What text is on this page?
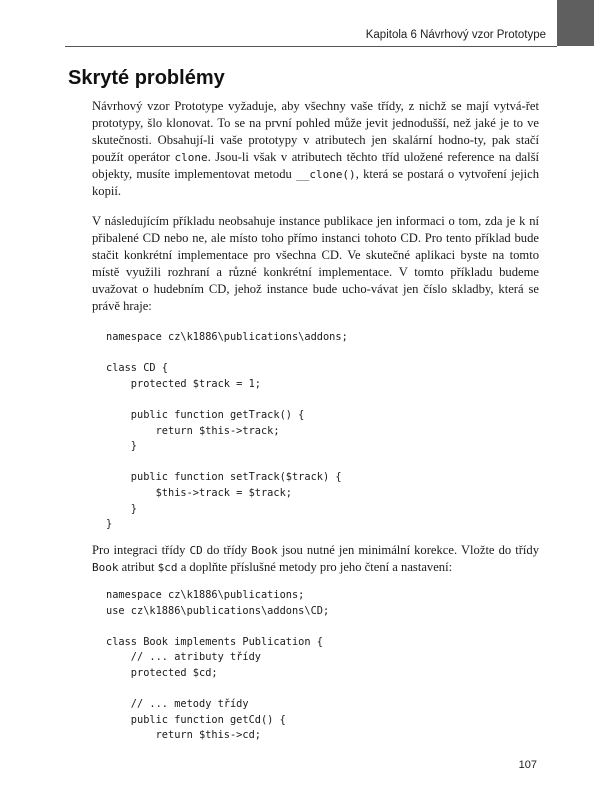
Kapitola 6 Návrhový vzor Prototype
Skryté problémy

Návrhový vzor Prototype vyžaduje, aby všechny vaše třídy, z nichž se mají vytvá-řet prototypy, šlo klonovat. To se na první pohled může jevit jednodušší, než jaké je to ve skutečnosti. Obsahují-li vaše prototypy v atributech jen skalární hodno-ty, pak stačí použít operátor clone. Jsou-li však v atributech těchto tříd uložené reference na další objekty, musíte implementovat metodu __clone(), která se postará o vytvoření jejich kopií.

V následujícím příkladu neobsahuje instance publikace jen informaci o tom, zda je k ní přibalené CD nebo ne, ale místo toho přímo instanci tohoto CD. Pro tento příklad bude stačit konkrétní implementace pro všechna CD. Ve skutečné aplikaci byste na tomto místě využili rozhraní a různé konkrétní implementace. V tomto příkladu budeme uvažovat o hudebním CD, jehož instance bude ucho-vávat jen číslo skladby, která se právě hraje:

namespace cz\k1886\publications\addons;

class CD {
protected $track = 1;

public function getTrack() {
return $this->track;
}

public function setTrack($track) {
$this->track = $track;
}
}

Pro integraci třídy CD do třídy Book jsou nutné jen minimální korekce. Vložte do třídy Book atribut $cd a doplňte příslušné metody pro jeho čtení a nastavení:

namespace cz\k1886\publications;
use cz\k1886\publications\addons\CD;

class Book implements Publication {
// ... atributy třídy
protected $cd;

// ... metody třídy
public function getCd() {
return $this->cd;
107
